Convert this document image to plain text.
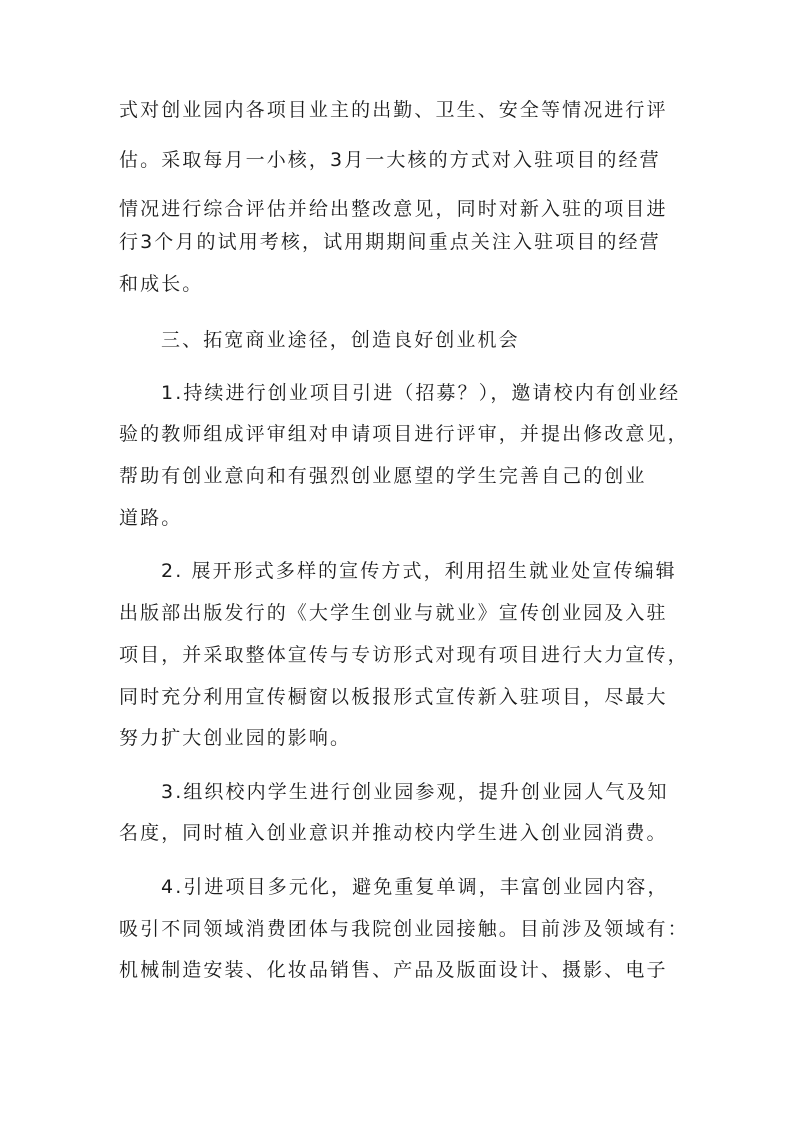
式对创业园内各项目业主的出勤、卫生、安全等情况进行评
估。采取每月一小核，3月一大核的方式对入驻项目的经营
情况进行综合评估并给出整改意见，同时对新入驻的项目进
行3个月的试用考核，试用期期间重点关注入驻项目的经营
和成长。
三、拓宽商业途径，创造良好创业机会
1.持续进行创业项目引进（招募？），邀请校内有创业经
验的教师组成评审组对申请项目进行评审，并提出修改意见，
帮助有创业意向和有强烈创业愿望的学生完善自己的创业
道路。
2. 展开形式多样的宣传方式，利用招生就业处宣传编辑
出版部出版发行的《大学生创业与就业》宣传创业园及入驻
项目，并采取整体宣传与专访形式对现有项目进行大力宣传，
同时充分利用宣传橱窗以板报形式宣传新入驻项目，尽最大
努力扩大创业园的影响。
3.组织校内学生进行创业园参观，提升创业园人气及知
名度，同时植入创业意识并推动校内学生进入创业园消费。
4.引进项目多元化，避免重复单调，丰富创业园内容，
吸引不同领域消费团体与我院创业园接触。目前涉及领域有：
机械制造安装、化妆品销售、产品及版面设计、摄影、电子
